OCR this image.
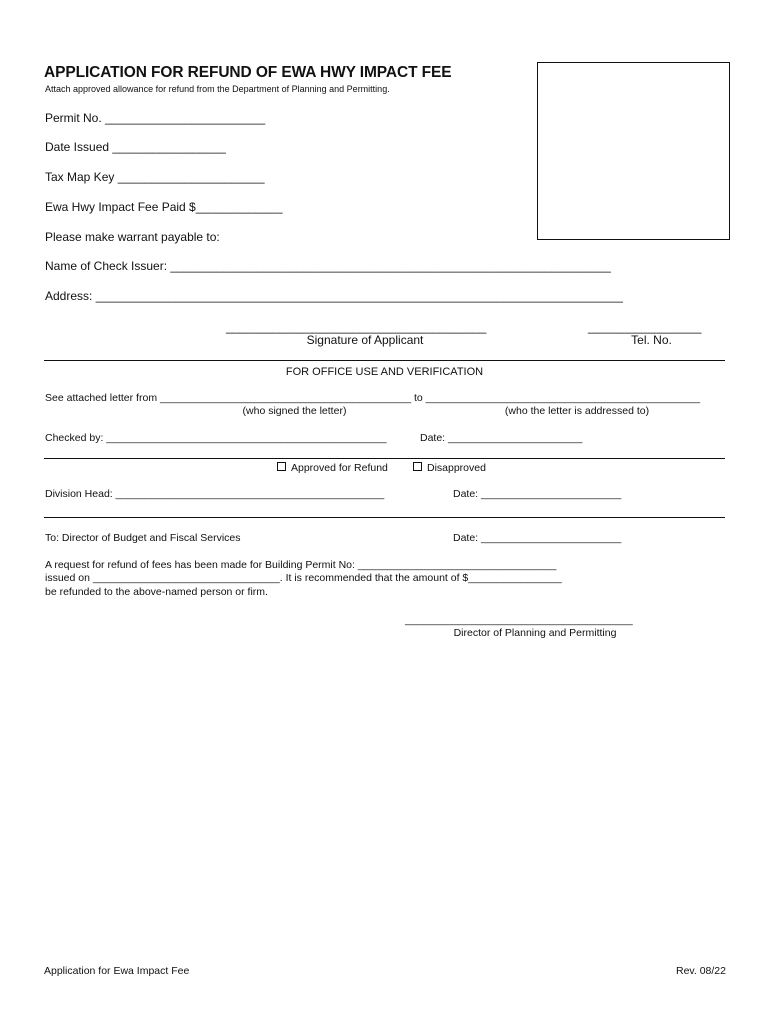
APPLICATION FOR REFUND OF EWA HWY IMPACT FEE
Attach approved allowance for refund from the Department of Planning and Permitting.
Permit No. ________________________
Date Issued _________________
Tax Map Key ______________________
Ewa Hwy Impact Fee Paid $_____________
Please make warrant payable to:
Name of Check Issuer: __________________________________________________________________
Address: _______________________________________________________________________________
_______________________________________
Signature of Applicant
_________________
Tel. No.
FOR OFFICE USE AND VERIFICATION
See attached letter from ___________________________________________ to _______________________________________________
(who signed the letter)	(who the letter is addressed to)
Checked by: ________________________________________________	Date: _______________________
Approved for Refund	Disapproved
Division Head: ______________________________________________	Date: ________________________
To: Director of Budget and Fiscal Services	Date: ________________________
A request for refund of fees has been made for Building Permit No: __________________________________
issued on ________________________________. It is recommended that the amount of $________________
be refunded to the above-named person or firm.
_______________________________________
Director of Planning and Permitting
Application for Ewa Impact Fee	Rev. 08/22
